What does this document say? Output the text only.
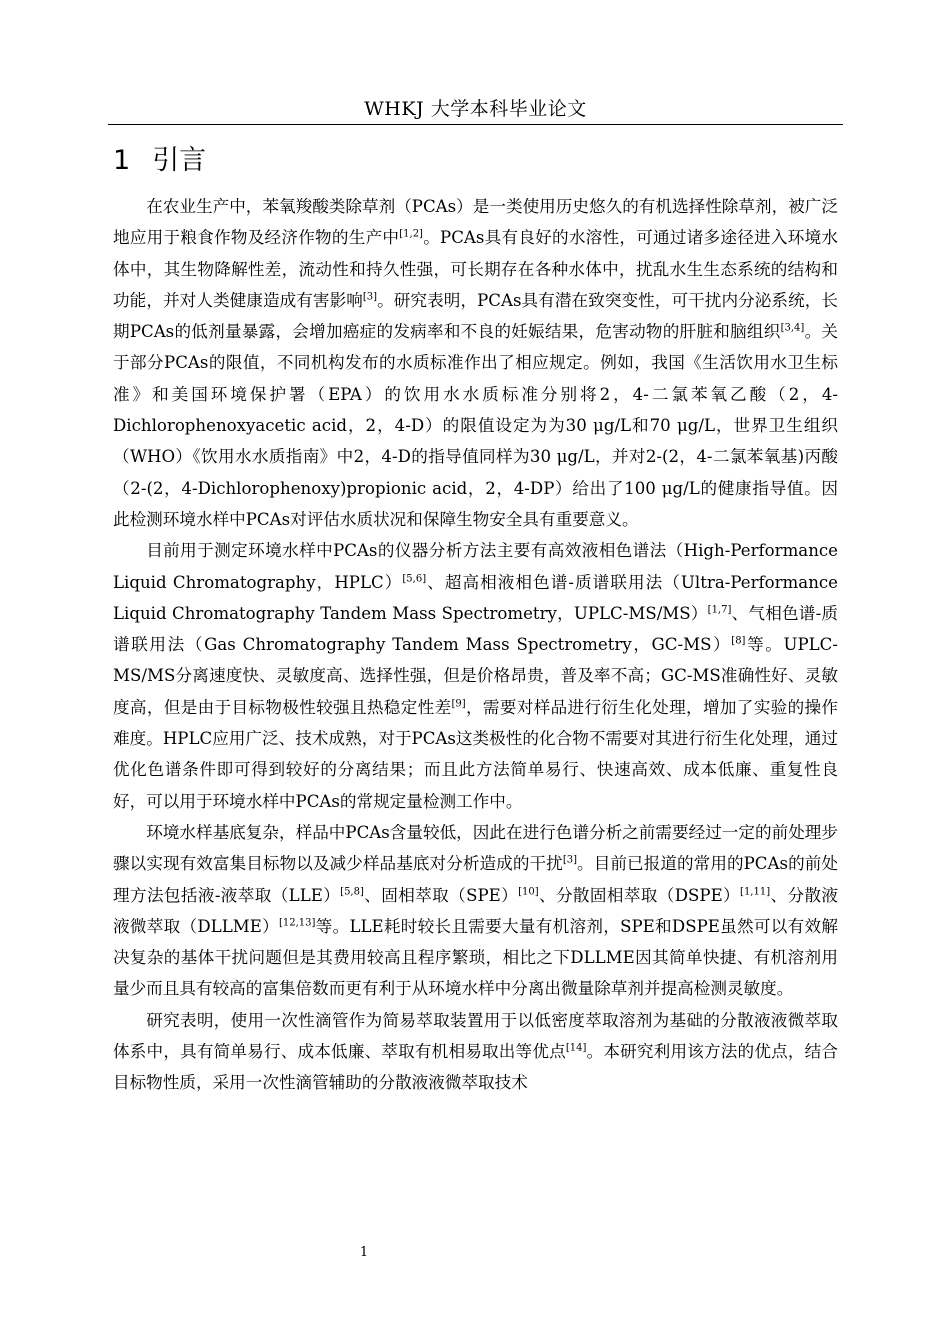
WHKJ 大学本科毕业论文
1 引言

在农业生产中，苯氧羧酸类除草剂（PCAs）是一类使用历史悠久的有机选择性除草剂，被广泛地应用于粮食作物及经济作物的生产中[1,2]。PCAs具有良好的水溶性，可通过诸多途径进入环境水体中，其生物降解性差，流动性和持久性强，可长期存在各种水体中，扰乱水生生态系统的结构和功能，并对人类健康造成有害影响[3]。研究表明，PCAs具有潜在致突变性，可干扰内分泌系统，长期PCAs的低剂量暴露，会增加癌症的发病率和不良的妊娠结果，危害动物的肝脏和脑组织[3,4]。关于部分PCAs的限值，不同机构发布的水质标准作出了相应规定。例如，我国《生活饮用水卫生标准》和美国环境保护署（EPA）的饮用水水质标准分别将2，4-二氯苯氧乙酸（2，4-Dichlorophenoxyacetic acid，2，4-D）的限值设定为为30 μg/L和70 μg/L，世界卫生组织（WHO）《饮用水水质指南》中2，4-D的指导值同样为30 μg/L，并对2-(2，4-二氯苯氧基)丙酸（2-(2，4-Dichlorophenoxy)propionic acid，2，4-DP）给出了100 μg/L的健康指导值。因此检测环境水样中PCAs对评估水质状况和保障生物安全具有重要意义。

目前用于测定环境水样中PCAs的仪器分析方法主要有高效液相色谱法（High-Performance Liquid Chromatography，HPLC）[5,6]、超高相液相色谱-质谱联用法（Ultra-Performance Liquid Chromatography Tandem Mass Spectrometry，UPLC-MS/MS）[1,7]、气相色谱-质谱联用法（Gas Chromatography Tandem Mass Spectrometry，GC-MS）[8]等。UPLC-MS/MS分离速度快、灵敏度高、选择性强，但是价格昂贵，普及率不高；GC-MS准确性好、灵敏度高，但是由于目标物极性较强且热稳定性差[9]，需要对样品进行衍生化处理，增加了实验的操作难度。HPLC应用广泛、技术成熟，对于PCAs这类极性的化合物不需要对其进行衍生化处理，通过优化色谱条件即可得到较好的分离结果；而且此方法简单易行、快速高效、成本低廉、重复性良好，可以用于环境水样中PCAs的常规定量检测工作中。

环境水样基底复杂，样品中PCAs含量较低，因此在进行色谱分析之前需要经过一定的前处理步骤以实现有效富集目标物以及减少样品基底对分析造成的干扰[3]。目前已报道的常用的PCAs的前处理方法包括液-液萃取（LLE）[5,8]、固相萃取（SPE）[10]、分散固相萃取（DSPE）[1,11]、分散液液微萃取（DLLME）[12,13]等。LLE耗时较长且需要大量有机溶剂，SPE和DSPE虽然可以有效解决复杂的基体干扰问题但是其费用较高且程序繁琐，相比之下DLLME因其简单快捷、有机溶剂用量少而且具有较高的富集倍数而更有利于从环境水样中分离出微量除草剂并提高检测灵敏度。

研究表明，使用一次性滴管作为简易萃取装置用于以低密度萃取溶剂为基础的分散液液微萃取体系中，具有简单易行、成本低廉、萃取有机相易取出等优点[14]。本研究利用该方法的优点，结合目标物性质，采用一次性滴管辅助的分散液液微萃取技术

1
